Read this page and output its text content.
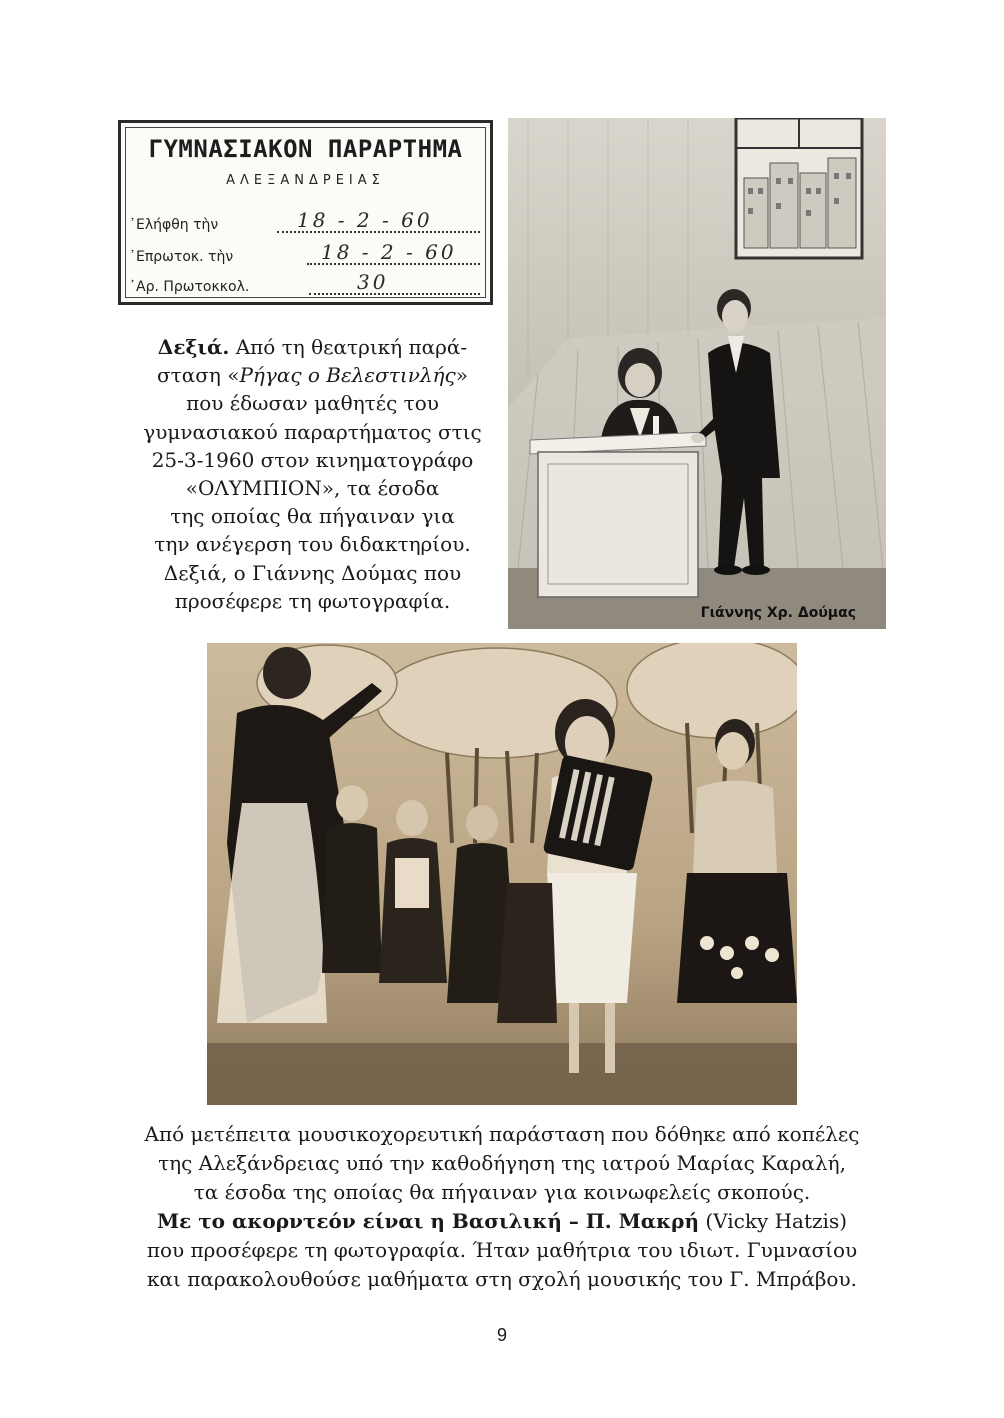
ΓΥΜΝΑΣΙΑΚΟΝ ΠΑΡΑΡΤΗΜΑ
ΑΛΕΞΑΝΔΡΕΙΑΣ
᾿Ελήφθη τὴν	18 - 2 - 60
᾿Επρωτοκ. τὴν	18 - 2 - 60
᾿Αρ. Πρωτοκκολ.	30
Δεξιά. Από τη θεατρική παρά-
σταση «Ρήγας ο Βελεστινλής»
που έδωσαν μαθητές του
γυμνασιακού παραρτήματος στις
25-3-1960 στον κινηματογράφο
«ΟΛΥΜΠΙΟΝ», τα έσοδα
της οποίας θα πήγαιναν για
την ανέγερση του διδακτηρίου.
Δεξιά, ο Γιάννης Δούμας που
προσέφερε τη φωτογραφία.
Γιάννης Χρ. Δούμας
Από μετέπειτα μουσικοχορευτική παράσταση που δόθηκε από κοπέλες
της Αλεξάνδρειας υπό την καθοδήγηση της ιατρού Μαρίας Καραλή,
τα έσοδα της οποίας θα πήγαιναν για κοινωφελείς σκοπούς.
Με το ακορντεόν είναι η Βασιλική – Π. Μακρή (Vicky Hatzis)
που προσέφερε τη φωτογραφία. Ήταν μαθήτρια του ιδιωτ. Γυμνασίου
και παρακολουθούσε μαθήματα στη σχολή μουσικής του Γ. Μπράβου.
9
